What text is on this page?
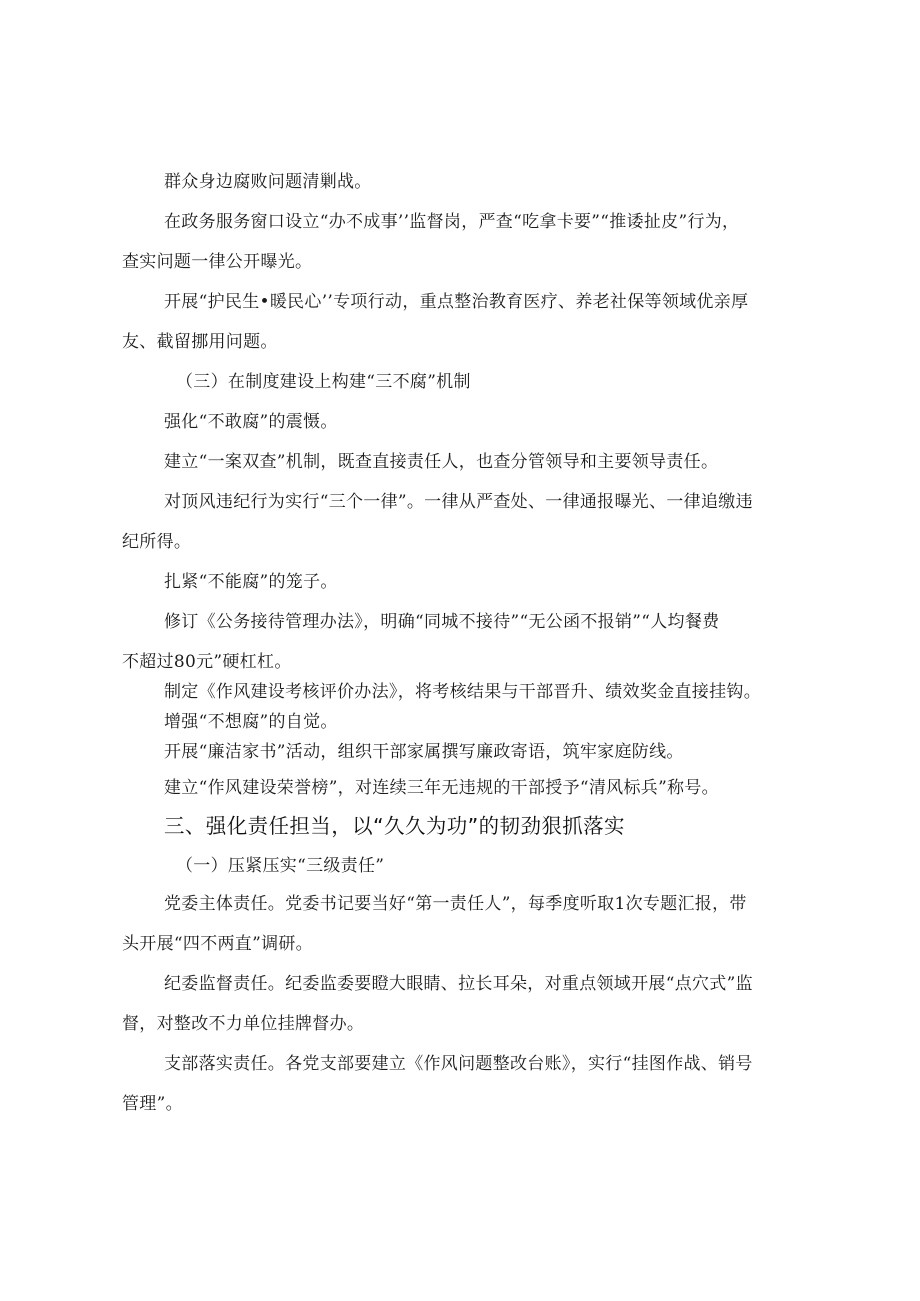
群众身边腐败问题清剿战。
在政务服务窗口设立“办不成事’’监督岗，严查“吃拿卡要”“推诿扯皮”行为，
查实问题一律公开曝光。
开展“护民生•暖民心’’专项行动，重点整治教育医疗、养老社保等领域优亲厚
友、截留挪用问题。
（三）在制度建设上构建“三不腐”机制
强化“不敢腐”的震慑。
建立“一案双查”机制，既查直接责任人，也查分管领导和主要领导责任。
对顶风违纪行为实行“三个一律”。一律从严查处、一律通报曝光、一律追缴违
纪所得。
扎紧“不能腐”的笼子。
修订《公务接待管理办法》，明确“同城不接待”“无公函不报销”“人均餐费
不超过80元”硬杠杠。
制定《作风建设考核评价办法》，将考核结果与干部晋升、绩效奖金直接挂钩。
增强“不想腐”的自觉。
开展“廉洁家书”活动，组织干部家属撰写廉政寄语，筑牢家庭防线。
建立“作风建设荣誉榜”，对连续三年无违规的干部授予“清风标兵”称号。
三、强化责任担当，以“久久为功”的韧劲狠抓落实
（一）压紧压实“三级责任”
党委主体责任。党委书记要当好“第一责任人”，每季度听取1次专题汇报，带
头开展“四不两直”调研。
纪委监督责任。纪委监委要瞪大眼睛、拉长耳朵，对重点领域开展“点穴式”监
督，对整改不力单位挂牌督办。
支部落实责任。各党支部要建立《作风问题整改台账》，实行“挂图作战、销号
管理”。
